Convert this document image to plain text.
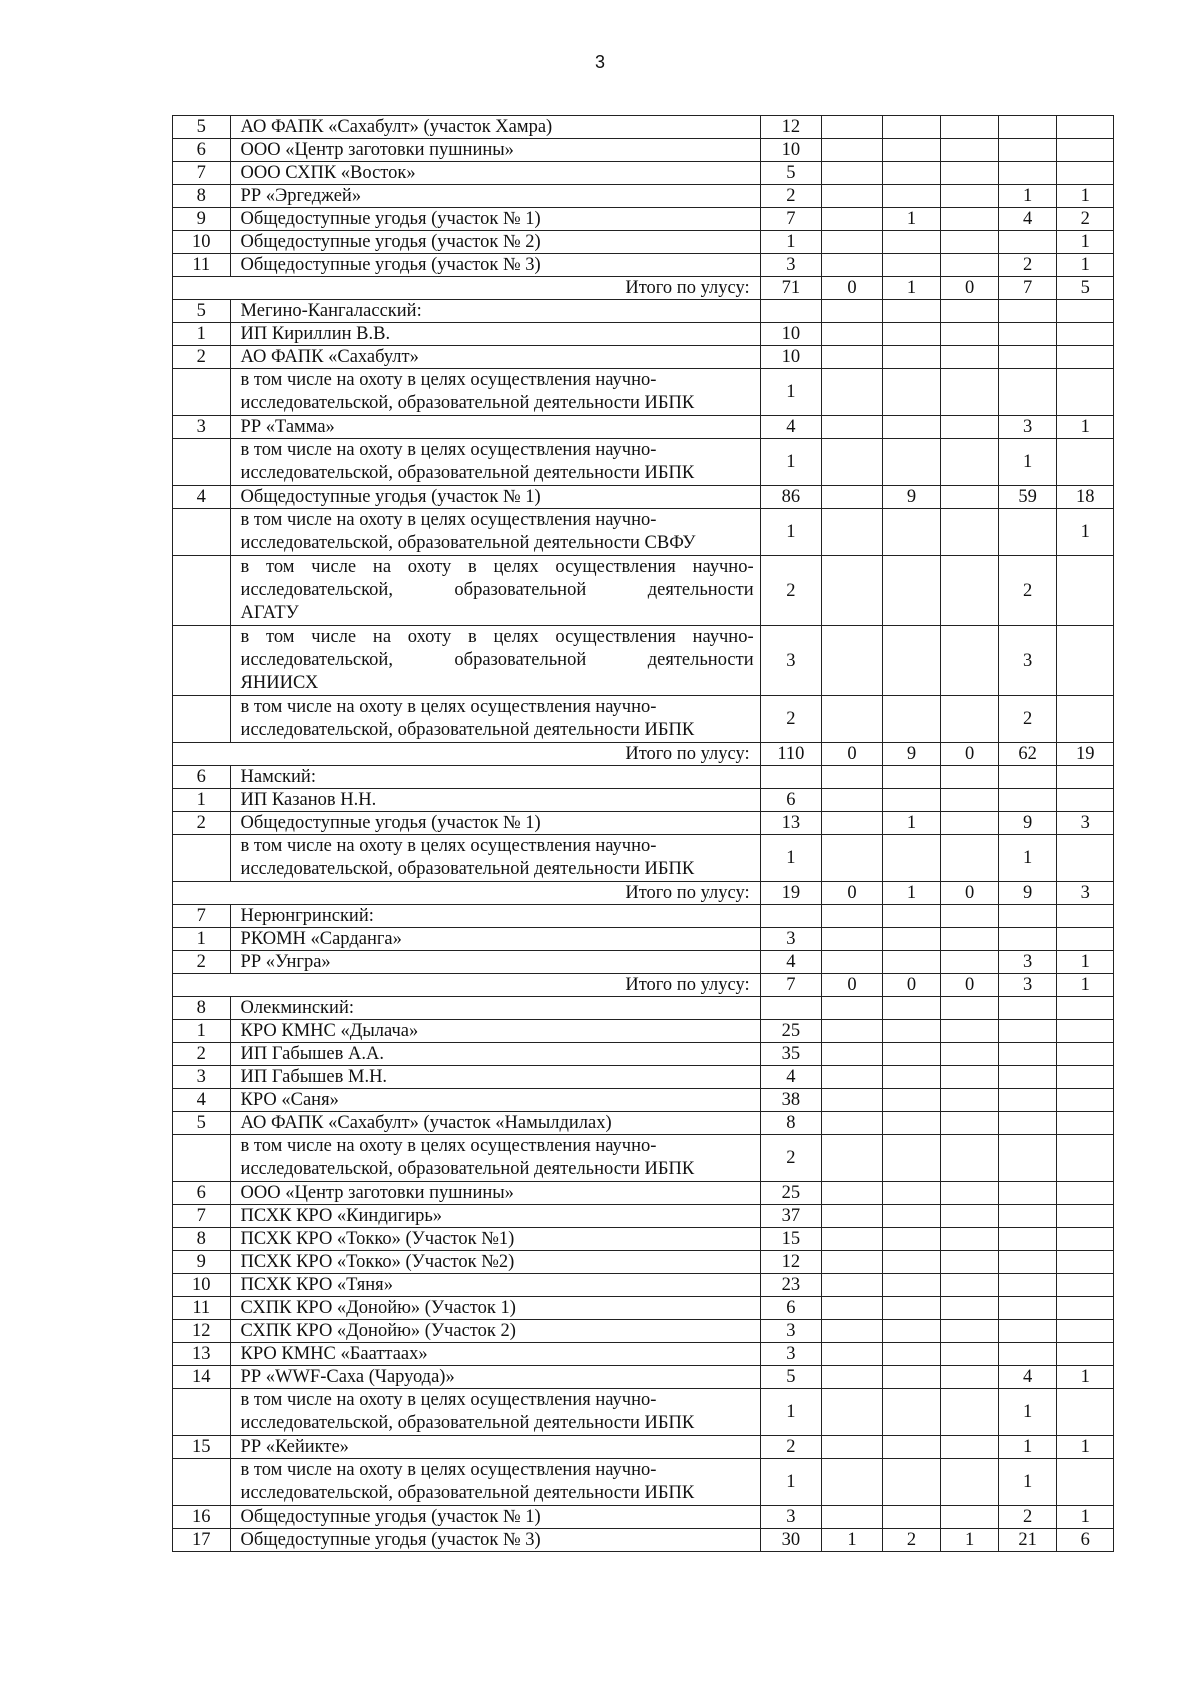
3
5	АО ФАПК «Сахабулт» (участок Хамра)	12					
6	ООО «Центр заготовки пушнины»	10					
7	ООО СХПК «Восток»	5					
8	РР «Эргеджей»	2				1	1
9	Общедоступные угодья (участок № 1)	7		1		4	2
10	Общедоступные угодья (участок № 2)	1					1
11	Общедоступные угодья (участок № 3)	3				2	1
Итого по улусу:		71	0	1	0	7	5
5	Мегино-Кангаласский:						
1	ИП Кириллин В.В.	10					
2	АО ФАПК «Сахабулт»	10					

	в том числе на охоту в целях осуществления научно-
исследовательской, образовательной деятельности ИБПК	1					
3	РР «Тамма»	4				3	1

	в том числе на охоту в целях осуществления научно-
исследовательской, образовательной деятельности ИБПК	1				1	
4	Общедоступные угодья (участок № 1)	86		9		59	18

	в том числе на охоту в целях осуществления научно-
исследовательской, образовательной деятельности СВФУ	1					1

	в том числе на охоту в целях осуществления научно-
исследовательской, образовательной деятельности
АГАТУ	2				2	

	в том числе на охоту в целях осуществления научно-
исследовательской, образовательной деятельности
ЯНИИСХ	3				3	

	в том числе на охоту в целях осуществления научно-
исследовательской, образовательной деятельности ИБПК	2				2	
Итого по улусу:		110	0	9	0	62	19
6	Намский:						
1	ИП Казанов Н.Н.	6					
2	Общедоступные угодья (участок № 1)	13		1		9	3

	в том числе на охоту в целях осуществления научно-
исследовательской, образовательной деятельности ИБПК	1				1	
Итого по улусу:		19	0	1	0	9	3
7	Нерюнгринский:						
1	РКОМН «Сарданга»	3					
2	РР «Унгра»	4				3	1
Итого по улусу:		7	0	0	0	3	1
8	Олекминский:						
1	КРО КМНС «Дылача»	25					
2	ИП Габышев А.А.	35					
3	ИП Габышев М.Н.	4					
4	КРО «Саня»	38					
5	АО ФАПК «Сахабулт» (участок «Намылдилах)	8					

	в том числе на охоту в целях осуществления научно-
исследовательской, образовательной деятельности ИБПК	2					
6	ООО «Центр заготовки пушнины»	25					
7	ПСХК КРО «Киндигирь»	37					
8	ПСХК КРО «Токко» (Участок №1)	15					
9	ПСХК КРО «Токко» (Участок №2)	12					
10	ПСХК КРО «Тяня»	23					
11	СХПК КРО «Донойю» (Участок 1)	6					
12	СХПК КРО «Донойю» (Участок 2)	3					
13	КРО КМНС «Бааттаах»	3					
14	РР «WWF-Саха (Чаруода)»	5				4	1

	в том числе на охоту в целях осуществления научно-
исследовательской, образовательной деятельности ИБПК	1				1	
15	РР «Кейикте»	2				1	1

	в том числе на охоту в целях осуществления научно-
исследовательской, образовательной деятельности ИБПК	1				1	
16	Общедоступные угодья (участок № 1)	3				2	1
17	Общедоступные угодья (участок № 3)	30	1	2	1	21	6
